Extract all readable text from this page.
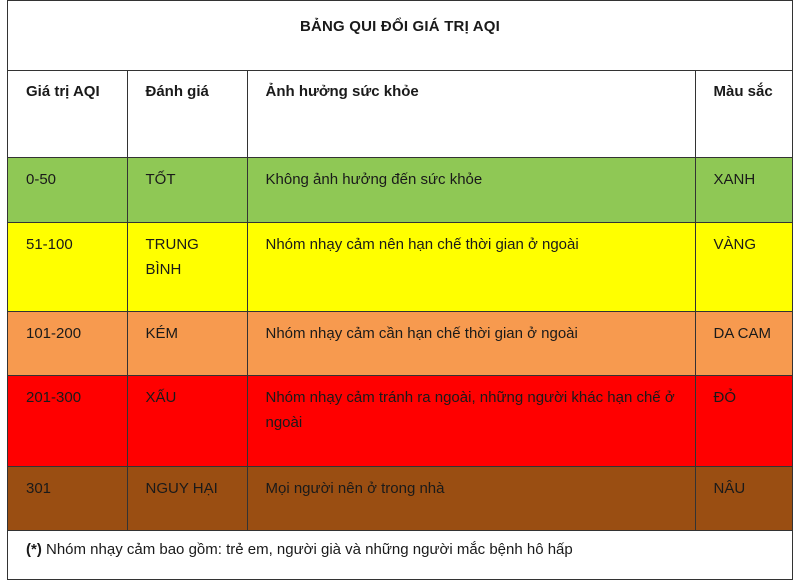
BẢNG QUI ĐỔI GIÁ TRỊ AQI
Giá trị AQI	Đánh giá	Ảnh hưởng sức khỏe	Màu sắc
0-50	TỐT	Không ảnh hưởng đến sức khỏe	XANH
51-100	TRUNG BÌNH	Nhóm nhạy cảm nên hạn chế thời gian ở ngoài	VÀNG
101-200	KÉM	Nhóm nhạy cảm cần hạn chế thời gian ở ngoài	DA CAM
201-300	XẤU	Nhóm nhạy cảm tránh ra ngoài, những người khác hạn chế ở ngoài	ĐỎ
301	NGUY HẠI	Mọi người nên ở trong nhà	NÂU
(*) Nhóm nhạy cảm bao gồm: trẻ em, người già và những người mắc bệnh hô hấp
